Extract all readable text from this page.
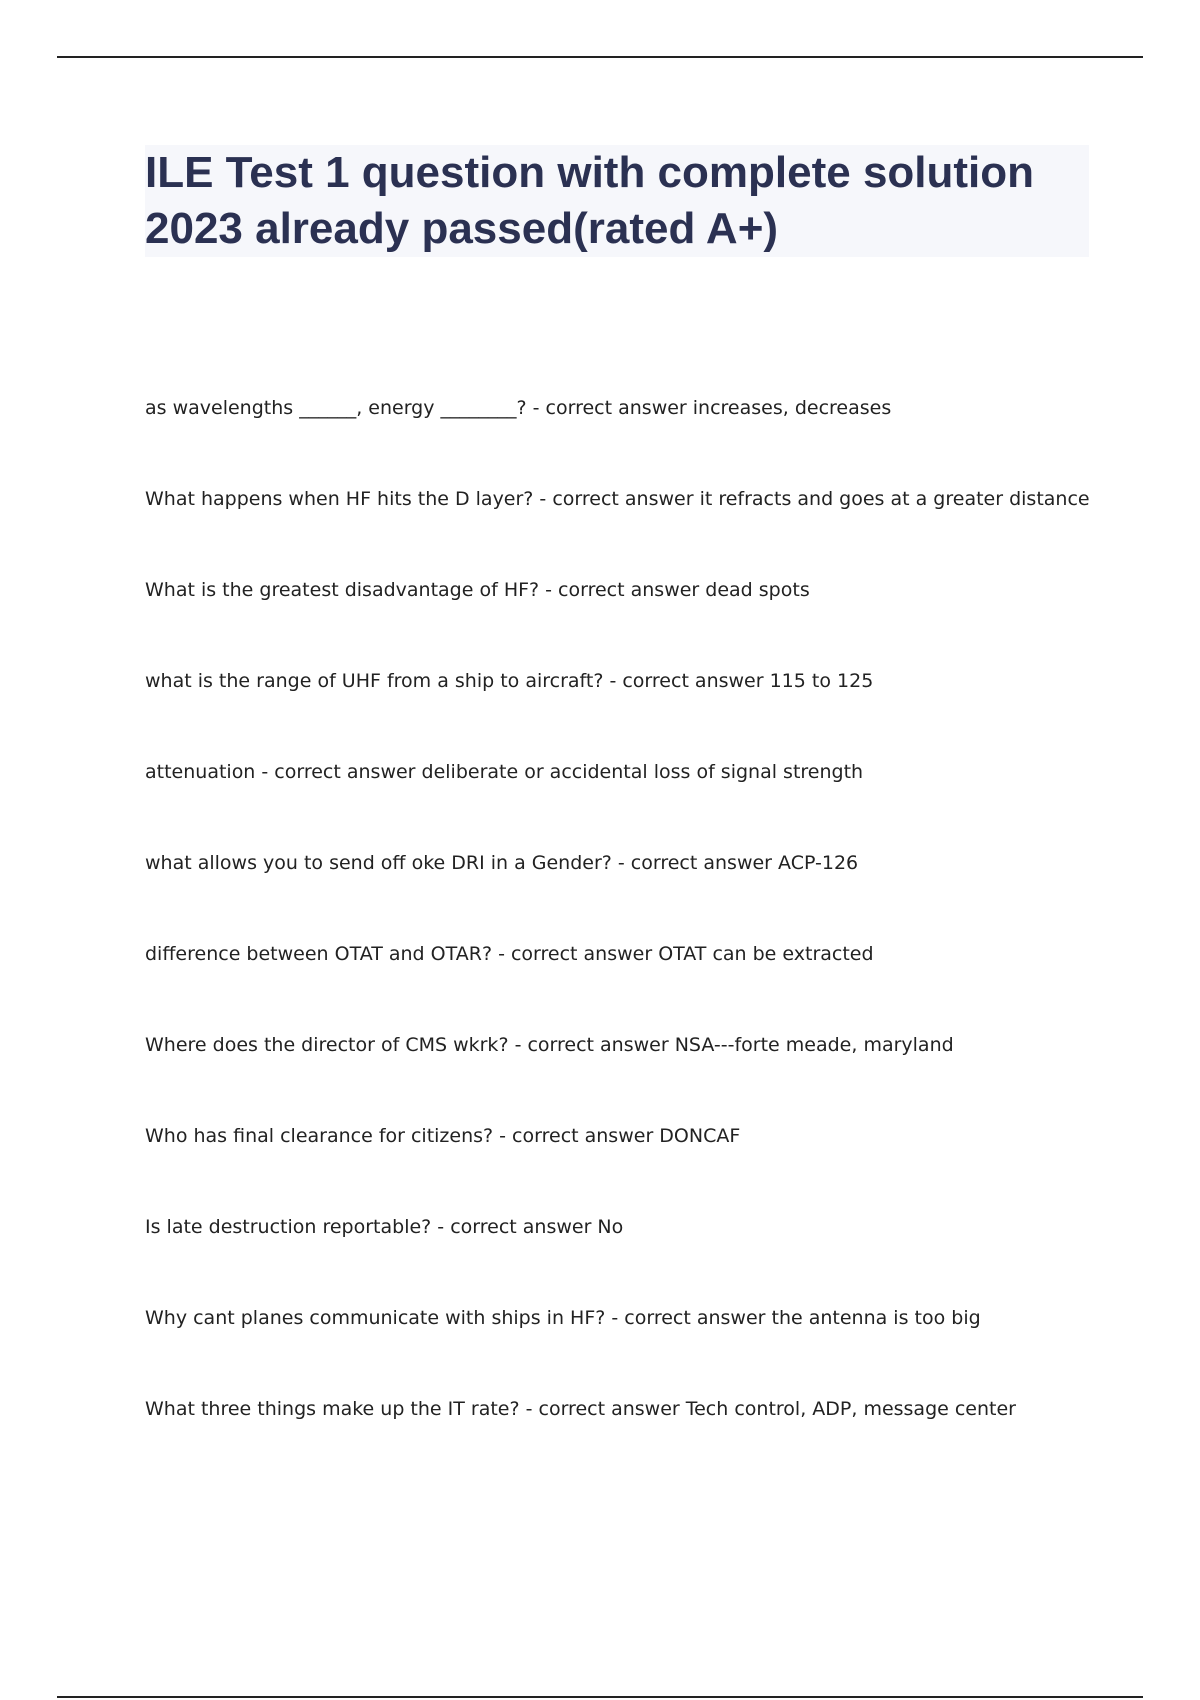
ILE Test 1 question with complete solution 2023 already passed(rated A+)
as wavelengths ______, energy ________? - correct answer increases, decreases
What happens when HF hits the D layer? - correct answer it refracts and goes at a greater distance
What is the greatest disadvantage of HF? - correct answer dead spots
what is the range of UHF from a ship to aircraft? - correct answer 115 to 125
attenuation - correct answer deliberate or accidental loss of signal strength
what allows you to send off oke DRI in a Gender? - correct answer ACP-126
difference between OTAT and OTAR? - correct answer OTAT can be extracted
Where does the director of CMS wkrk? - correct answer NSA---forte meade, maryland
Who has final clearance for citizens? - correct answer DONCAF
Is late destruction reportable? - correct answer No
Why cant planes communicate with ships in HF? - correct answer the antenna is too big
What three things make up the IT rate? - correct answer Tech control, ADP, message center
